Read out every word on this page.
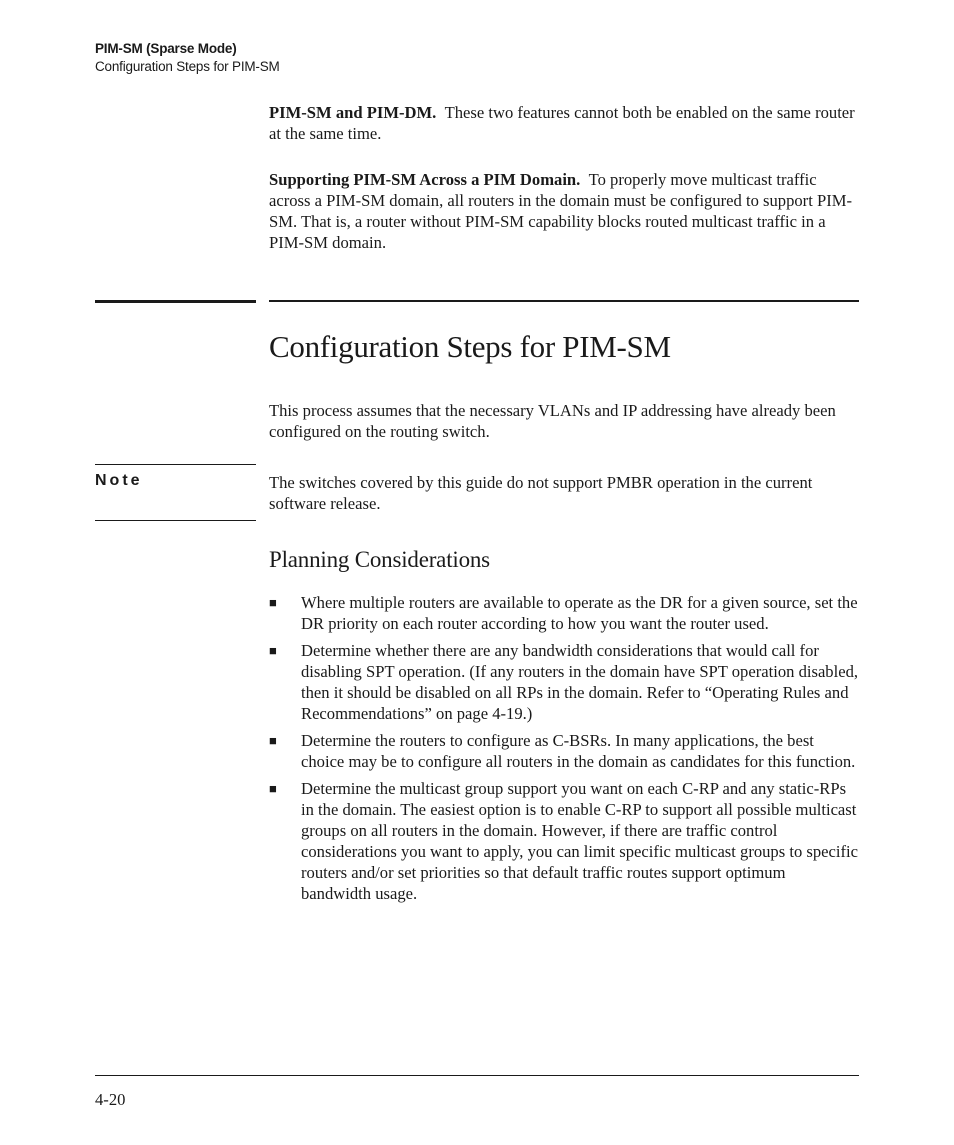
PIM-SM (Sparse Mode)
Configuration Steps for PIM-SM

PIM-SM and PIM-DM. These two features cannot both be enabled on the same router at the same time.

Supporting PIM-SM Across a PIM Domain. To properly move multicast traffic across a PIM-SM domain, all routers in the domain must be configured to support PIM-SM. That is, a router without PIM-SM capability blocks routed multicast traffic in a PIM-SM domain.

Configuration Steps for PIM-SM

This process assumes that the necessary VLANs and IP addressing have already been configured on the routing switch.

Note	The switches covered by this guide do not support PMBR operation in the current software release.

Planning Considerations
■ Where multiple routers are available to operate as the DR for a given source, set the DR priority on each router according to how you want the router used.
■ Determine whether there are any bandwidth considerations that would call for disabling SPT operation. (If any routers in the domain have SPT operation disabled, then it should be disabled on all RPs in the domain. Refer to “Operating Rules and Recommendations” on page 4-19.)
■ Determine the routers to configure as C-BSRs. In many applications, the best choice may be to configure all routers in the domain as candidates for this function.
■ Determine the multicast group support you want on each C-RP and any static-RPs in the domain. The easiest option is to enable C-RP to support all possible multicast groups on all routers in the domain. However, if there are traffic control considerations you want to apply, you can limit specific multicast groups to specific routers and/or set priorities so that default traffic routes support optimum bandwidth usage.
4-20
